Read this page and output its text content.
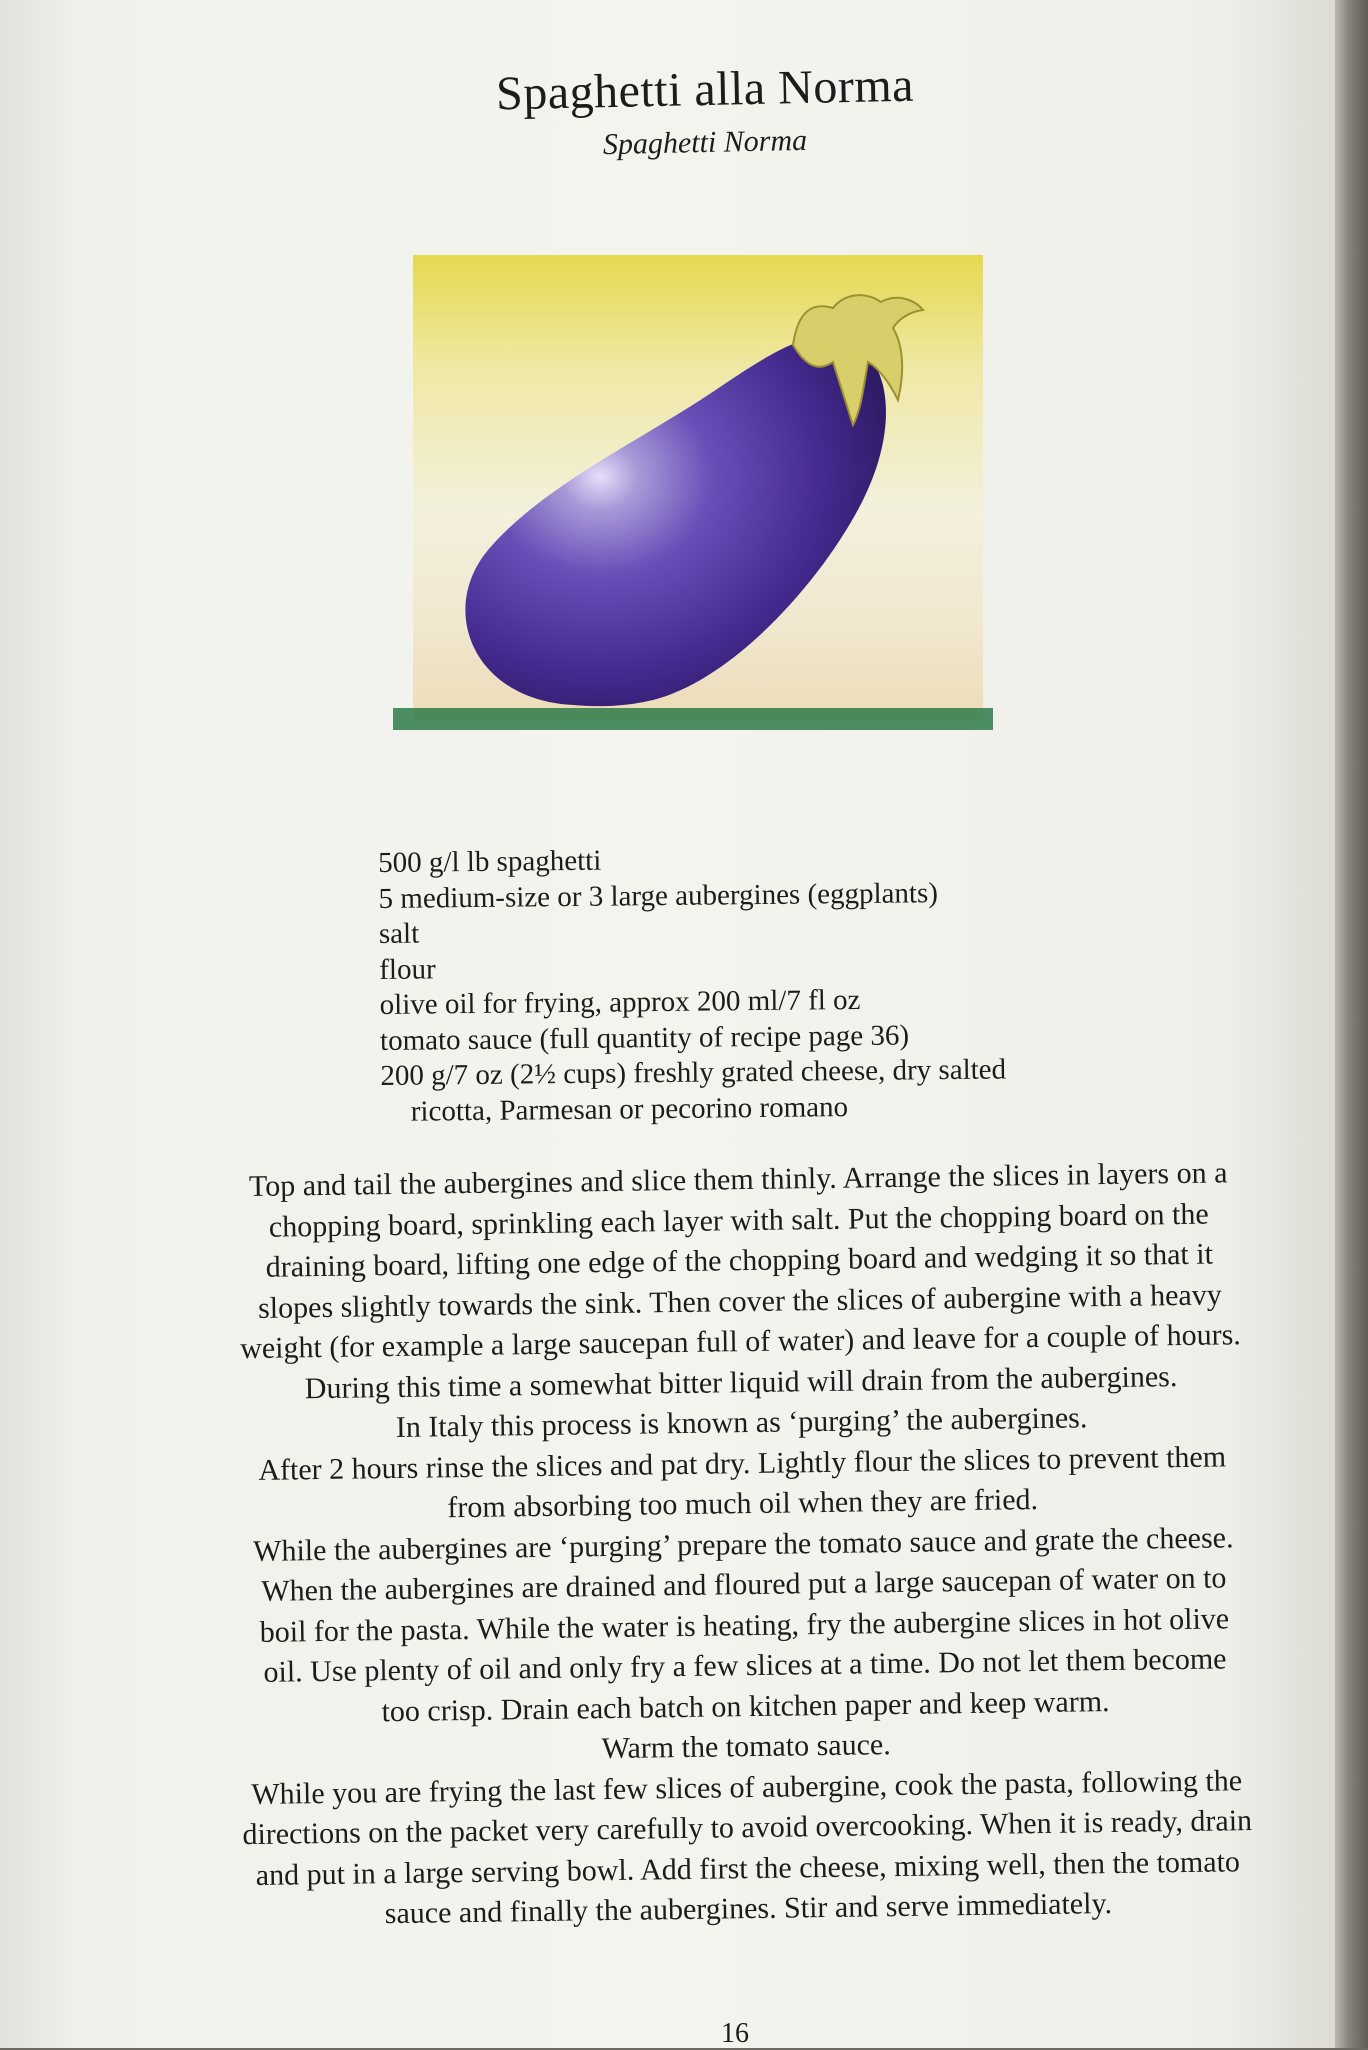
Spaghetti alla Norma
Spaghetti Norma
500 g/l lb spaghetti
5 medium-size or 3 large aubergines (eggplants)
salt
flour
olive oil for frying, approx 200 ml/7 fl oz
tomato sauce (full quantity of recipe page 36)
200 g/7 oz (2½ cups) freshly grated cheese, dry salted
ricotta, Parmesan or pecorino romano
Top and tail the aubergines and slice them thinly. Arrange the slices in layers on a
chopping board, sprinkling each layer with salt. Put the chopping board on the
draining board, lifting one edge of the chopping board and wedging it so that it
slopes slightly towards the sink. Then cover the slices of aubergine with a heavy
weight (for example a large saucepan full of water) and leave for a couple of hours.
During this time a somewhat bitter liquid will drain from the aubergines.
In Italy this process is known as ‘purging’ the aubergines.
After 2 hours rinse the slices and pat dry. Lightly flour the slices to prevent them
from absorbing too much oil when they are fried.
While the aubergines are ‘purging’ prepare the tomato sauce and grate the cheese.
When the aubergines are drained and floured put a large saucepan of water on to
boil for the pasta. While the water is heating, fry the aubergine slices in hot olive
oil. Use plenty of oil and only fry a few slices at a time. Do not let them become
too crisp. Drain each batch on kitchen paper and keep warm.
Warm the tomato sauce.
While you are frying the last few slices of aubergine, cook the pasta, following the
directions on the packet very carefully to avoid overcooking. When it is ready, drain
and put in a large serving bowl. Add first the cheese, mixing well, then the tomato
sauce and finally the aubergines. Stir and serve immediately.
16
